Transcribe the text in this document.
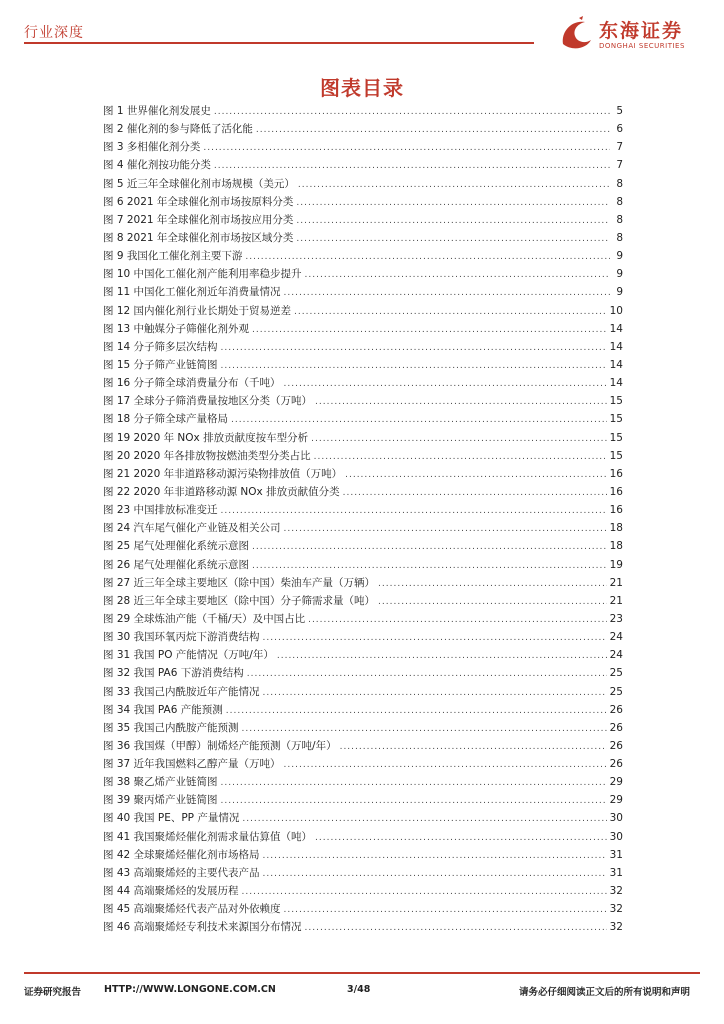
行业深度	东海证券
DONGHAI SECURITIES
图表目录
图 1 世界催化剂发展史 .....	5
图 2 催化剂的参与降低了活化能 .....	6
图 3 多相催化剂分类 .....	7
图 4 催化剂按功能分类 .....	7
图 5 近三年全球催化剂市场规模（美元） .....	8
图 6 2021 年全球催化剂市场按原料分类 .....	8
图 7 2021 年全球催化剂市场按应用分类 .....	8
图 8 2021 年全球催化剂市场按区域分类 .....	8
图 9 我国化工催化剂主要下游 .....	9
图 10 中国化工催化剂产能利用率稳步提升 .....	9
图 11 中国化工催化剂近年消费量情况 .....	9
图 12 国内催化剂行业长期处于贸易逆差 .....	10
图 13 中触媒分子筛催化剂外观 .....	14
图 14 分子筛多层次结构 .....	14
图 15 分子筛产业链简图 .....	14
图 16 分子筛全球消费量分布（千吨） .....	14
图 17 全球分子筛消费量按地区分类（万吨） .....	15
图 18 分子筛全球产量格局 .....	15
图 19 2020 年 NOx 排放贡献度按车型分析 .....	15
图 20 2020 年各排放物按燃油类型分类占比 .....	15
图 21 2020 年非道路移动源污染物排放值（万吨） .....	16
图 22 2020 年非道路移动源 NOx 排放贡献值分类 .....	16
图 23 中国排放标准变迁 .....	16
图 24 汽车尾气催化产业链及相关公司 .....	18
图 25 尾气处理催化系统示意图 .....	18
图 26 尾气处理催化系统示意图 .....	19
图 27 近三年全球主要地区（除中国）柴油车产量（万辆） .....	21
图 28 近三年全球主要地区（除中国）分子筛需求量（吨） .....	21
图 29 全球炼油产能（千桶/天）及中国占比 .....	23
图 30 我国环氧丙烷下游消费结构 .....	24
图 31 我国 PO 产能情况（万吨/年） .....	24
图 32 我国 PA6 下游消费结构 .....	25
图 33 我国己内酰胺近年产能情况 .....	25
图 34 我国 PA6 产能预测 .....	26
图 35 我国己内酰胺产能预测 .....	26
图 36 我国煤（甲醇）制烯烃产能预测（万吨/年） .....	26
图 37 近年我国燃料乙醇产量（万吨） .....	26
图 38 聚乙烯产业链简图 .....	29
图 39 聚丙烯产业链简图 .....	29
图 40 我国 PE、PP 产量情况 .....	30
图 41 我国聚烯烃催化剂需求量估算值（吨） .....	30
图 42 全球聚烯烃催化剂市场格局 .....	31
图 43 高端聚烯烃的主要代表产品 .....	31
图 44 高端聚烯烃的发展历程 .....	32
图 45 高端聚烯烃代表产品对外依赖度 .....	32
图 46 高端聚烯烃专利技术来源国分布情况 .....	32
证券研究报告 HTTP://WWW.LONGONE.COM.CN	3/48	请务必仔细阅读正文后的所有说明和声明
